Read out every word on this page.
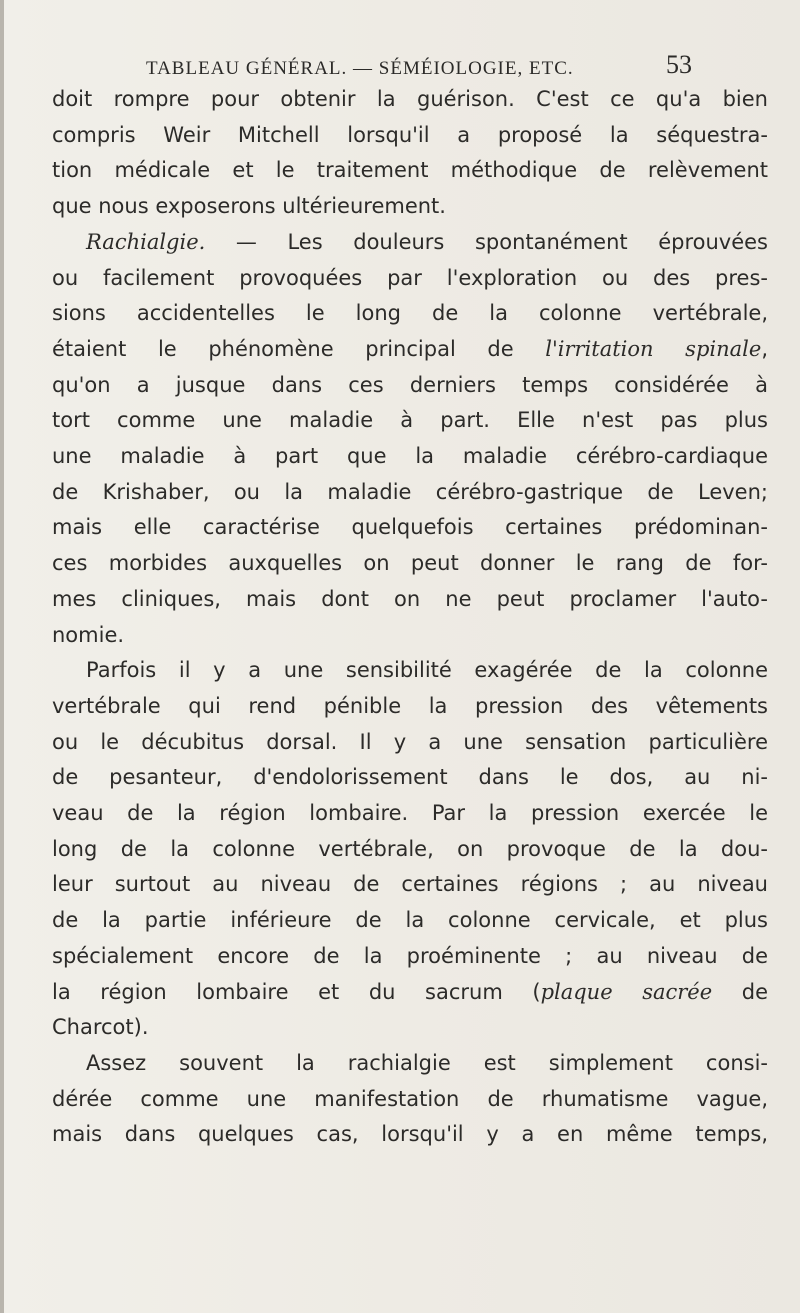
TABLEAU GÉNÉRAL. — SÉMÉIOLOGIE, ETC.	53

doit rompre pour obtenir la guérison. C'est ce qu'a bien

compris Weir Mitchell lorsqu'il a proposé la séquestra-

tion médicale et le traitement méthodique de relèvement

que nous exposerons ultérieurement.

Rachialgie. — Les douleurs spontanément éprouvées

ou facilement provoquées par l'exploration ou des pres-

sions accidentelles le long de la colonne vertébrale,

étaient le phénomène principal de l'irritation spinale,

qu'on a jusque dans ces derniers temps considérée à

tort comme une maladie à part. Elle n'est pas plus

une maladie à part que la maladie cérébro-cardiaque

de Krishaber, ou la maladie cérébro-gastrique de Leven;

mais elle caractérise quelquefois certaines prédominan-

ces morbides auxquelles on peut donner le rang de for-

mes cliniques, mais dont on ne peut proclamer l'auto-

nomie.

Parfois il y a une sensibilité exagérée de la colonne

vertébrale qui rend pénible la pression des vêtements

ou le décubitus dorsal. Il y a une sensation particulière

de pesanteur, d'endolorissement dans le dos, au ni-

veau de la région lombaire. Par la pression exercée le

long de la colonne vertébrale, on provoque de la dou-

leur surtout au niveau de certaines régions ; au niveau

de la partie inférieure de la colonne cervicale, et plus

spécialement encore de la proéminente ; au niveau de

la région lombaire et du sacrum (plaque sacrée de

Charcot).

Assez souvent la rachialgie est simplement consi-

dérée comme une manifestation de rhumatisme vague,

mais dans quelques cas, lorsqu'il y a en même temps,
